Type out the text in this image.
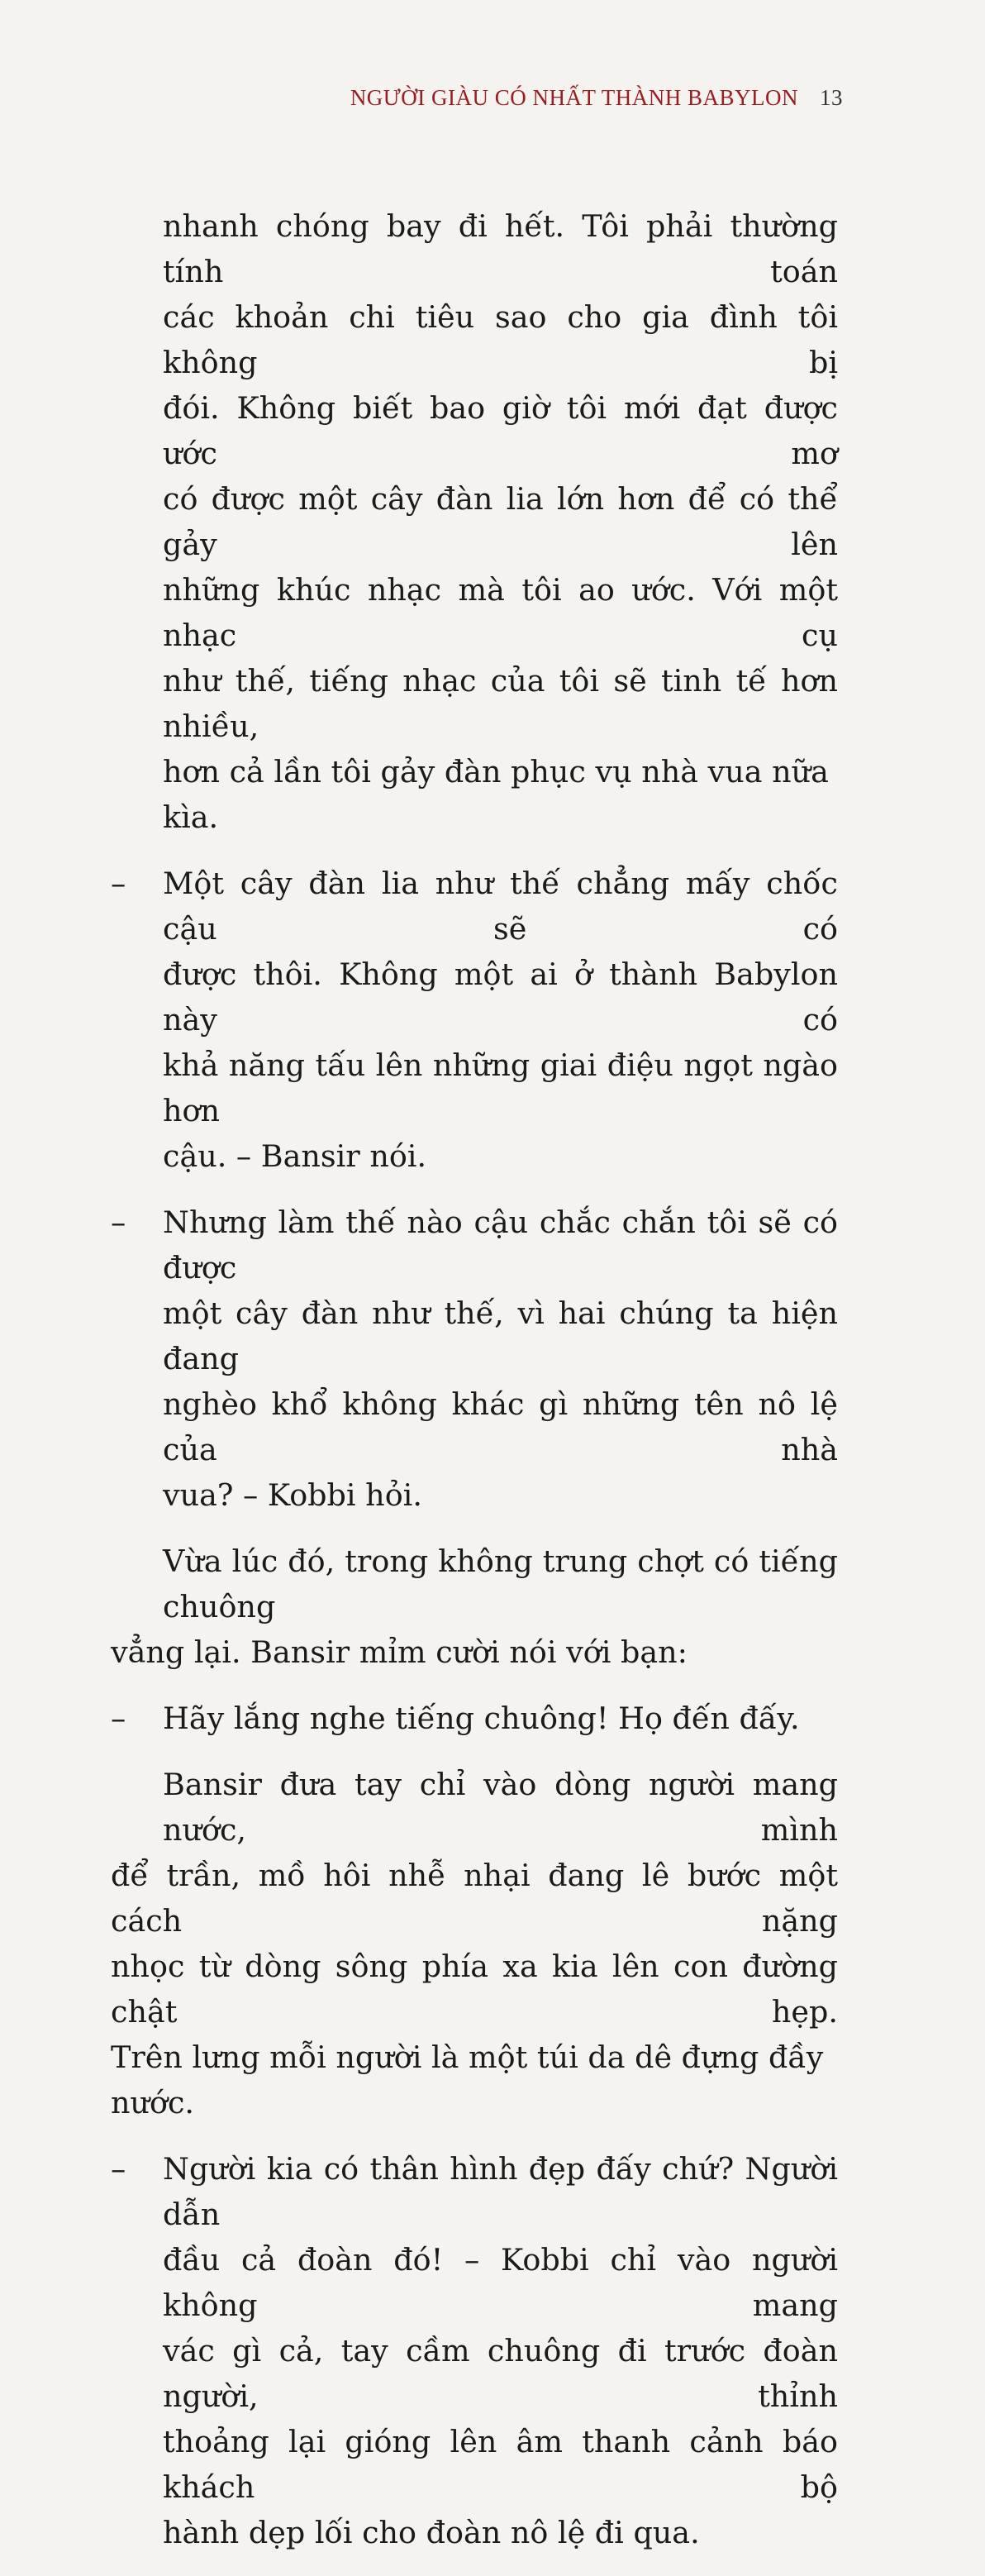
NGƯỜI GIÀU CÓ NHẤT THÀNH BABYLON 13

nhanh chóng bay đi hết. Tôi phải thường tính toán
các khoản chi tiêu sao cho gia đình tôi không bị
đói. Không biết bao giờ tôi mới đạt được ước mơ
có được một cây đàn lia lớn hơn để có thể gảy lên
những khúc nhạc mà tôi ao ước. Với một nhạc cụ
như thế, tiếng nhạc của tôi sẽ tinh tế hơn nhiều,
hơn cả lần tôi gảy đàn phục vụ nhà vua nữa kìa.

–	Một cây đàn lia như thế chẳng mấy chốc cậu sẽ có
được thôi. Không một ai ở thành Babylon này có
khả năng tấu lên những giai điệu ngọt ngào hơn
cậu. – Bansir nói.

–	Nhưng làm thế nào cậu chắc chắn tôi sẽ có được
một cây đàn như thế, vì hai chúng ta hiện đang
nghèo khổ không khác gì những tên nô lệ của nhà
vua? – Kobbi hỏi.

Vừa lúc đó, trong không trung chợt có tiếng chuông
vẳng lại. Bansir mỉm cười nói với bạn:

–	Hãy lắng nghe tiếng chuông! Họ đến đấy.

Bansir đưa tay chỉ vào dòng người mang nước, mình
để trần, mồ hôi nhễ nhại đang lê bước một cách nặng
nhọc từ dòng sông phía xa kia lên con đường chật hẹp.
Trên lưng mỗi người là một túi da dê đựng đầy nước.

–	Người kia có thân hình đẹp đấy chứ? Người dẫn
đầu cả đoàn đó! – Kobbi chỉ vào người không mang
vác gì cả, tay cầm chuông đi trước đoàn người, thỉnh
thoảng lại gióng lên âm thanh cảnh báo khách bộ
hành dẹp lối cho đoàn nô lệ đi qua.
